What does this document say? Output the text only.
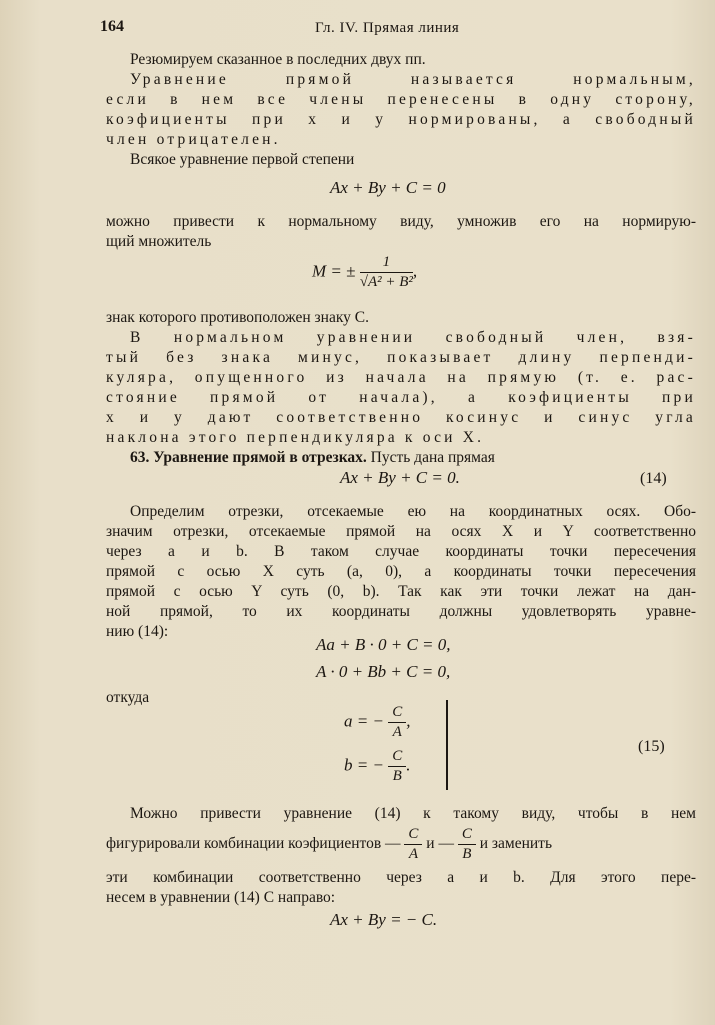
164	Гл. IV. Прямая линия

Резюмируем сказанное в последних двух пп.

Уравнение прямой называется нормальным,

если в нем все члены перенесены в одну сторону,

коэфициенты при x и y нормированы, а свободный

член отрицателен.

Всякое уравнение первой степени

Ax + By + C = 0

можно привести к нормальному виду, умножив его на нормирую-

щий множитель

M = ± $\frac{1}{\text{√A² + B²}}$ ,

знак которого противоположен знаку C.

В нормальном уравнении свободный член, взя-

тый без знака минус, показывает длину перпенди-

куляра, опущенного из начала на прямую (т. е. рас-

стояние прямой от начала), а коэфициенты при

x и y дают соответственно косинус и синус угла

наклона этого перпендикуляра к оси X.

63. Уравнение прямой в отрезках. Пусть дана прямая

Ax + By + C = 0.	(14)

Определим отрезки, отсекаемые ею на координатных осях. Обо-

значим отрезки, отсекаемые прямой на осях X и Y соответственно

через a и b. В таком случае координаты точки пересечения

прямой с осью X суть (a, 0), а координаты точки пересечения

прямой с осью Y суть (0, b). Так как эти точки лежат на дан-

ной прямой, то их координаты должны удовлетворять уравне-

нию (14):

Aa + B · 0 + C = 0,
A · 0 + Bb + C = 0,

откуда

a = − $\frac{C}{A}$ ,
b = − $\frac{C}{B}$ .
(15)

Можно привести уравнение (14) к такому виду, чтобы в нем

фигурировали комбинации коэфициентов — $\frac{C}{A}$ и — $\frac{C}{B}$ и заменить

эти комбинации соответственно через a и b. Для этого пере-

несем в уравнении (14) C направо:

Ax + By = − C.
